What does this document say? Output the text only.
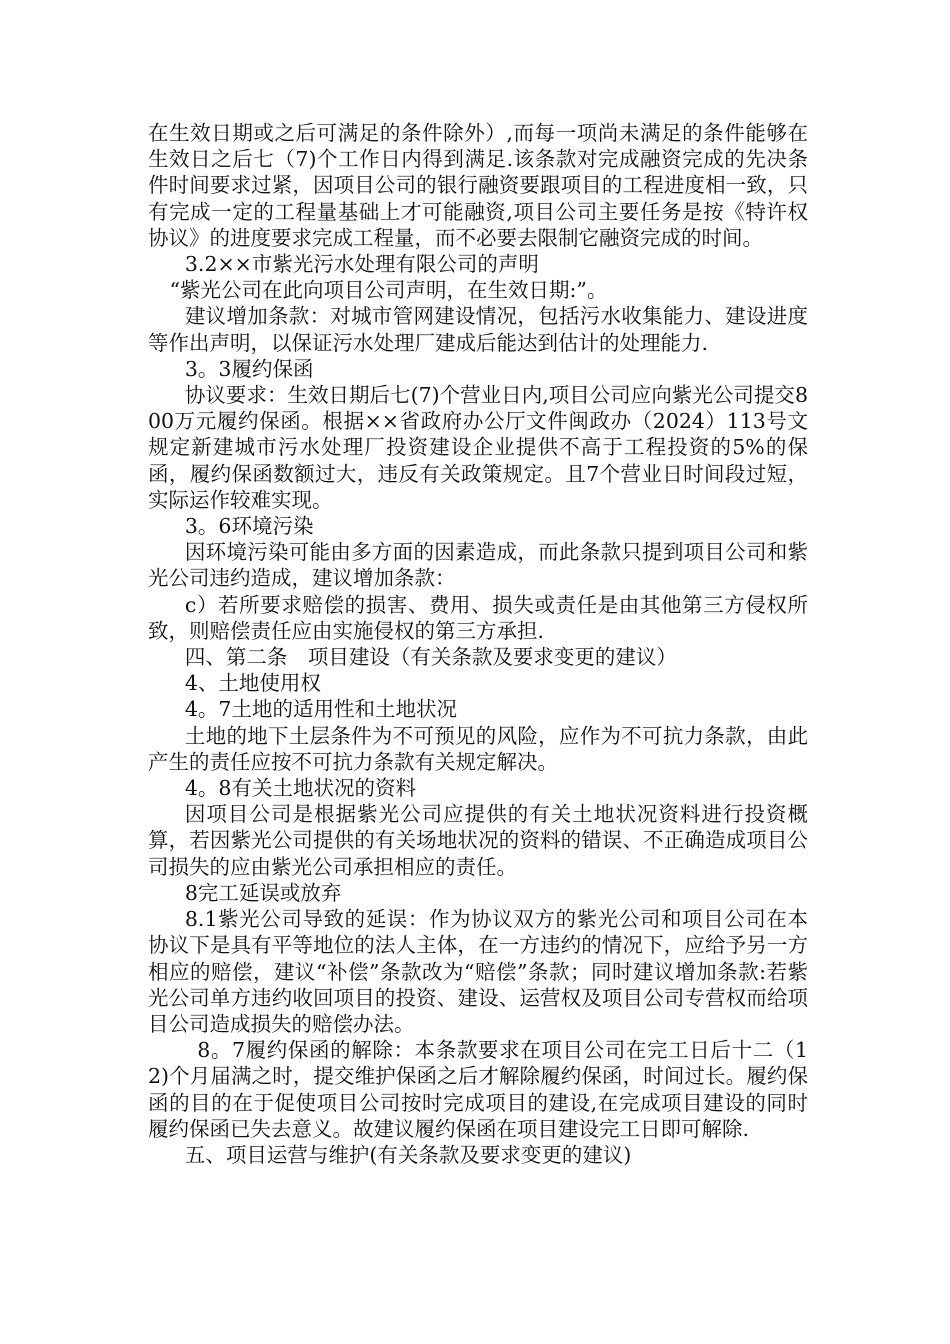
在生效日期或之后可满足的条件除外）,而每一项尚未满足的条件能够在生效日之后七（7)个工作日内得到满足.该条款对完成融资完成的先决条件时间要求过紧，因项目公司的银行融资要跟项目的工程进度相一致，只有完成一定的工程量基础上才可能融资,项目公司主要任务是按《特许权协议》的进度要求完成工程量，而不必要去限制它融资完成的时间。

3.2××市紫光污水处理有限公司的声明

“紫光公司在此向项目公司声明，在生效日期:”。

建议增加条款：对城市管网建设情况，包括污水收集能力、建设进度等作出声明，以保证污水处理厂建成后能达到估计的处理能力.

3。3履约保函

协议要求：生效日期后七(7)个营业日内,项目公司应向紫光公司提交800万元履约保函。根据××省政府办公厅文件闽政办（2024）113号文规定新建城市污水处理厂投资建设企业提供不高于工程投资的5%的保函，履约保函数额过大，违反有关政策规定。且7个营业日时间段过短，实际运作较难实现。

3。6环境污染

因环境污染可能由多方面的因素造成，而此条款只提到项目公司和紫光公司违约造成，建议增加条款：

c）若所要求赔偿的损害、费用、损失或责任是由其他第三方侵权所致，则赔偿责任应由实施侵权的第三方承担.

四、第二条　项目建设（有关条款及要求变更的建议）

4、土地使用权

4。7土地的适用性和土地状况

土地的地下土层条件为不可预见的风险，应作为不可抗力条款，由此产生的责任应按不可抗力条款有关规定解决。

4。8有关土地状况的资料

因项目公司是根据紫光公司应提供的有关土地状况资料进行投资概算，若因紫光公司提供的有关场地状况的资料的错误、不正确造成项目公司损失的应由紫光公司承担相应的责任。

8完工延误或放弃

8.1紫光公司导致的延误：作为协议双方的紫光公司和项目公司在本协议下是具有平等地位的法人主体，在一方违约的情况下，应给予另一方相应的赔偿，建议“补偿”条款改为“赔偿”条款；同时建议增加条款:若紫光公司单方违约收回项目的投资、建设、运营权及项目公司专营权而给项目公司造成损失的赔偿办法。

8。7履约保函的解除：本条款要求在项目公司在完工日后十二（12)个月届满之时，提交维护保函之后才解除履约保函，时间过长。履约保函的目的在于促使项目公司按时完成项目的建设,在完成项目建设的同时履约保函已失去意义。故建议履约保函在项目建设完工日即可解除.

五、项目运营与维护(有关条款及要求变更的建议)
